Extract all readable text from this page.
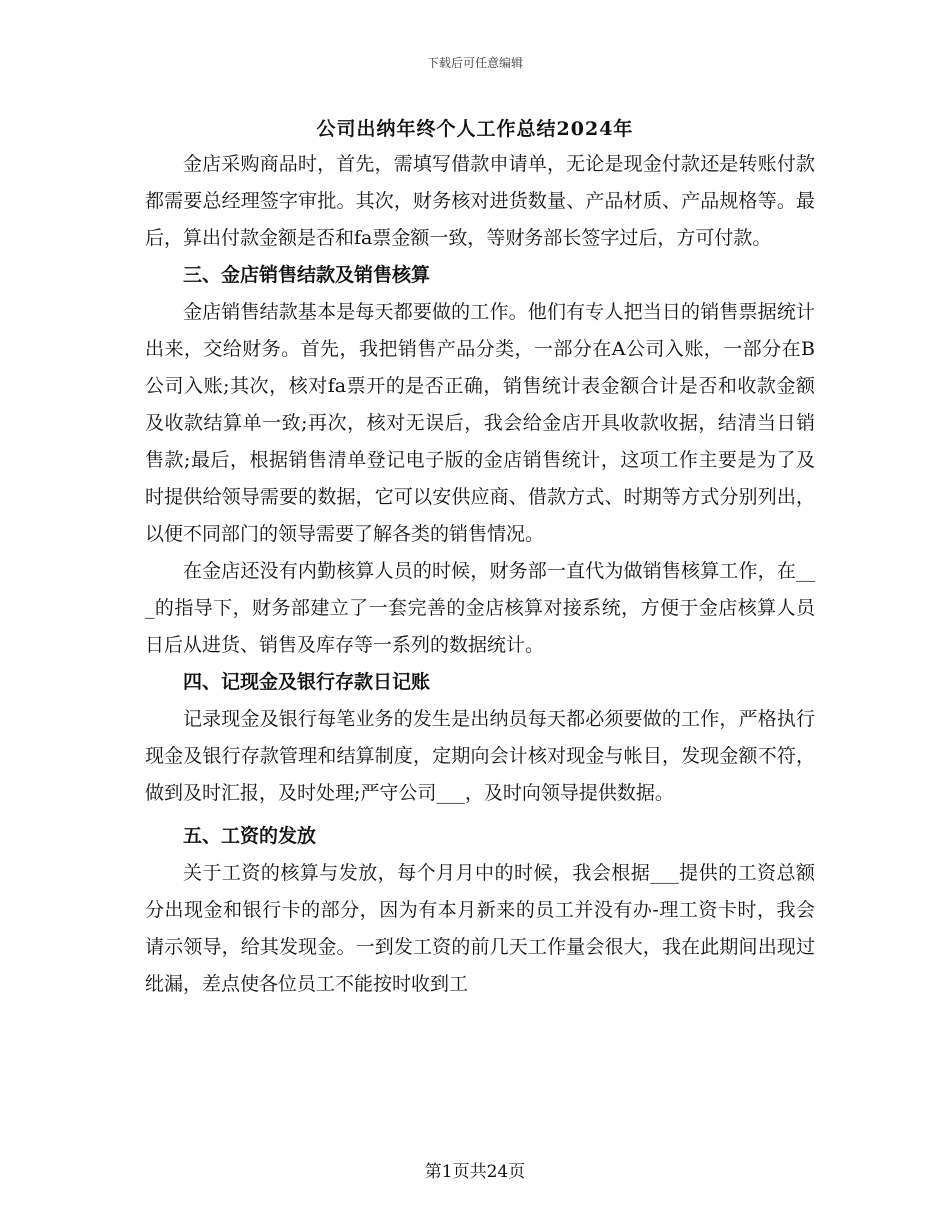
下载后可任意编辑
公司出纳年终个人工作总结2024年

金店采购商品时，首先，需填写借款申请单，无论是现金付款还是转账付款都需要总经理签字审批。其次，财务核对进货数量、产品材质、产品规格等。最后，算出付款金额是否和fa票金额一致，等财务部长签字过后，方可付款。

三、金店销售结款及销售核算

金店销售结款基本是每天都要做的工作。他们有专人把当日的销售票据统计出来，交给财务。首先，我把销售产品分类，一部分在A公司入账，一部分在B公司入账;其次，核对fa票开的是否正确，销售统计表金额合计是否和收款金额及收款结算单一致;再次，核对无误后，我会给金店开具收款收据，结清当日销售款;最后，根据销售清单登记电子版的金店销售统计，这项工作主要是为了及时提供给领导需要的数据，它可以安供应商、借款方式、时期等方式分别列出，以便不同部门的领导需要了解各类的销售情况。

在金店还没有内勤核算人员的时候，财务部一直代为做销售核算工作，在___的指导下，财务部建立了一套完善的金店核算对接系统，方便于金店核算人员日后从进货、销售及库存等一系列的数据统计。

四、记现金及银行存款日记账

记录现金及银行每笔业务的发生是出纳员每天都必须要做的工作，严格执行现金及银行存款管理和结算制度，定期向会计核对现金与帐目，发现金额不符，做到及时汇报，及时处理;严守公司___，及时向领导提供数据。

五、工资的发放

关于工资的核算与发放，每个月月中的时候，我会根据___提供的工资总额分出现金和银行卡的部分，因为有本月新来的员工并没有办-理工资卡时，我会请示领导，给其发现金。一到发工资的前几天工作量会很大，我在此期间出现过纰漏，差点使各位员工不能按时收到工

第1页共24页
